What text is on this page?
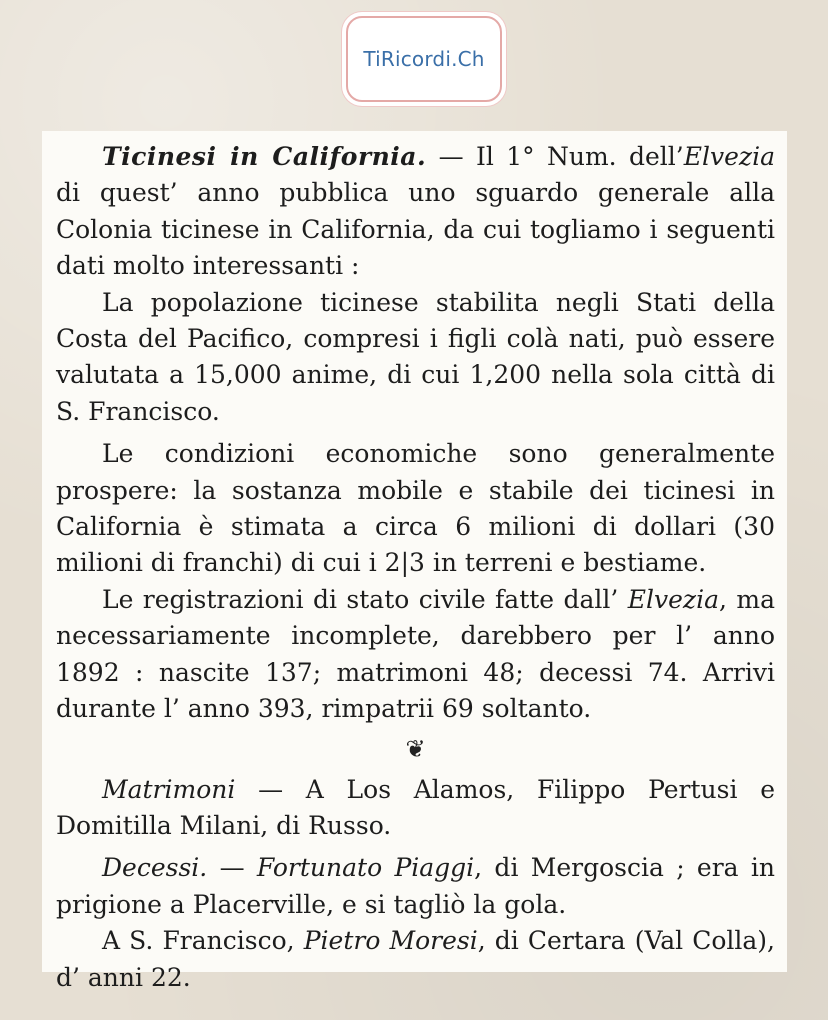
TiRicordi.Ch

Ticinesi in California. — Il 1° Num. dell’Elvezia di quest’ anno pubblica uno sguardo generale alla Colonia ticinese in California, da cui togliamo i seguenti dati molto interessanti :

La popolazione ticinese stabilita negli Stati della Costa del Pacifico, compresi i figli colà nati, può essere valutata a 15,000 anime, di cui 1,200 nella sola città di S. Francisco.

Le condizioni economiche sono generalmente prospere: la sostanza mobile e stabile dei ticinesi in California è stimata a circa 6 milioni di dollari (30 milioni di franchi) di cui i 2|3 in terreni e bestiame.

Le registrazioni di stato civile fatte dall’ Elvezia, ma necessariamente incomplete, darebbero per l’ anno 1892 : nascite 137; matrimoni 48; decessi 74. Arrivi durante l’ anno 393, rimpatrii 69 soltanto.

❦

Matrimoni — A Los Alamos, Filippo Pertusi e Domitilla Milani, di Russo.

Decessi. — Fortunato Piaggi, di Mergoscia ; era in prigione a Placerville, e si tagliò la gola.

A S. Francisco, Pietro Moresi, di Certara (Val Colla), d’ anni 22.
